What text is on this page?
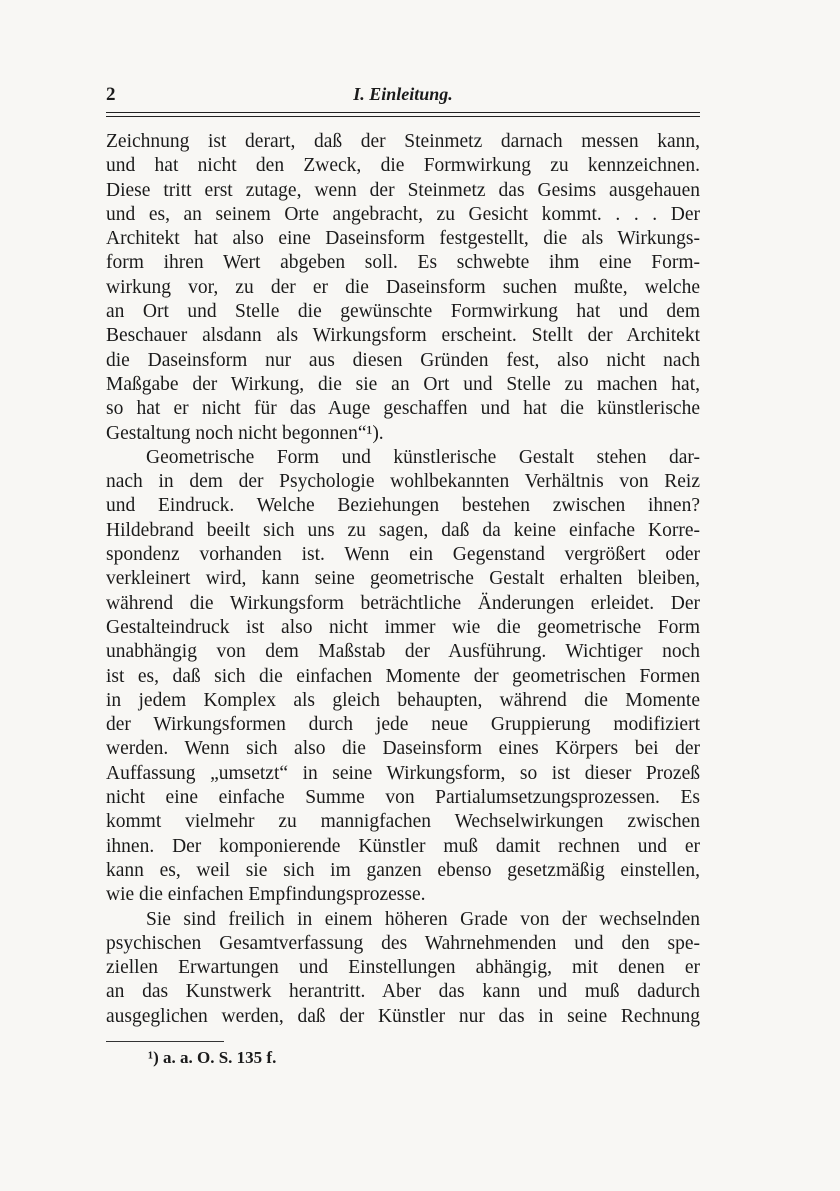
2	I. Einleitung.
Zeichnung ist derart, daß der Steinmetz darnach messen kann,
und hat nicht den Zweck, die Formwirkung zu kennzeichnen.
Diese tritt erst zutage, wenn der Steinmetz das Gesims ausgehauen
und es, an seinem Orte angebracht, zu Gesicht kommt. . . . Der
Architekt hat also eine Daseinsform festgestellt, die als Wirkungs-
form ihren Wert abgeben soll. Es schwebte ihm eine Form-
wirkung vor, zu der er die Daseinsform suchen mußte, welche
an Ort und Stelle die gewünschte Formwirkung hat und dem
Beschauer alsdann als Wirkungsform erscheint. Stellt der Architekt
die Daseinsform nur aus diesen Gründen fest, also nicht nach
Maßgabe der Wirkung, die sie an Ort und Stelle zu machen hat,
so hat er nicht für das Auge geschaffen und hat die künstlerische
Gestaltung noch nicht begonnen“¹).
Geometrische Form und künstlerische Gestalt stehen dar-
nach in dem der Psychologie wohlbekannten Verhältnis von Reiz
und Eindruck. Welche Beziehungen bestehen zwischen ihnen?
Hildebrand beeilt sich uns zu sagen, daß da keine einfache Korre-
spondenz vorhanden ist. Wenn ein Gegenstand vergrößert oder
verkleinert wird, kann seine geometrische Gestalt erhalten bleiben,
während die Wirkungsform beträchtliche Änderungen erleidet. Der
Gestalteindruck ist also nicht immer wie die geometrische Form
unabhängig von dem Maßstab der Ausführung. Wichtiger noch
ist es, daß sich die einfachen Momente der geometrischen Formen
in jedem Komplex als gleich behaupten, während die Momente
der Wirkungsformen durch jede neue Gruppierung modifiziert
werden. Wenn sich also die Daseinsform eines Körpers bei der
Auffassung „umsetzt“ in seine Wirkungsform, so ist dieser Prozeß
nicht eine einfache Summe von Partialumsetzungsprozessen. Es
kommt vielmehr zu mannigfachen Wechselwirkungen zwischen
ihnen. Der komponierende Künstler muß damit rechnen und er
kann es, weil sie sich im ganzen ebenso gesetzmäßig einstellen,
wie die einfachen Empfindungsprozesse.
Sie sind freilich in einem höheren Grade von der wechselnden
psychischen Gesamtverfassung des Wahrnehmenden und den spe-
ziellen Erwartungen und Einstellungen abhängig, mit denen er
an das Kunstwerk herantritt. Aber das kann und muß dadurch
ausgeglichen werden, daß der Künstler nur das in seine Rechnung
¹) a. a. O. S. 135 f.
